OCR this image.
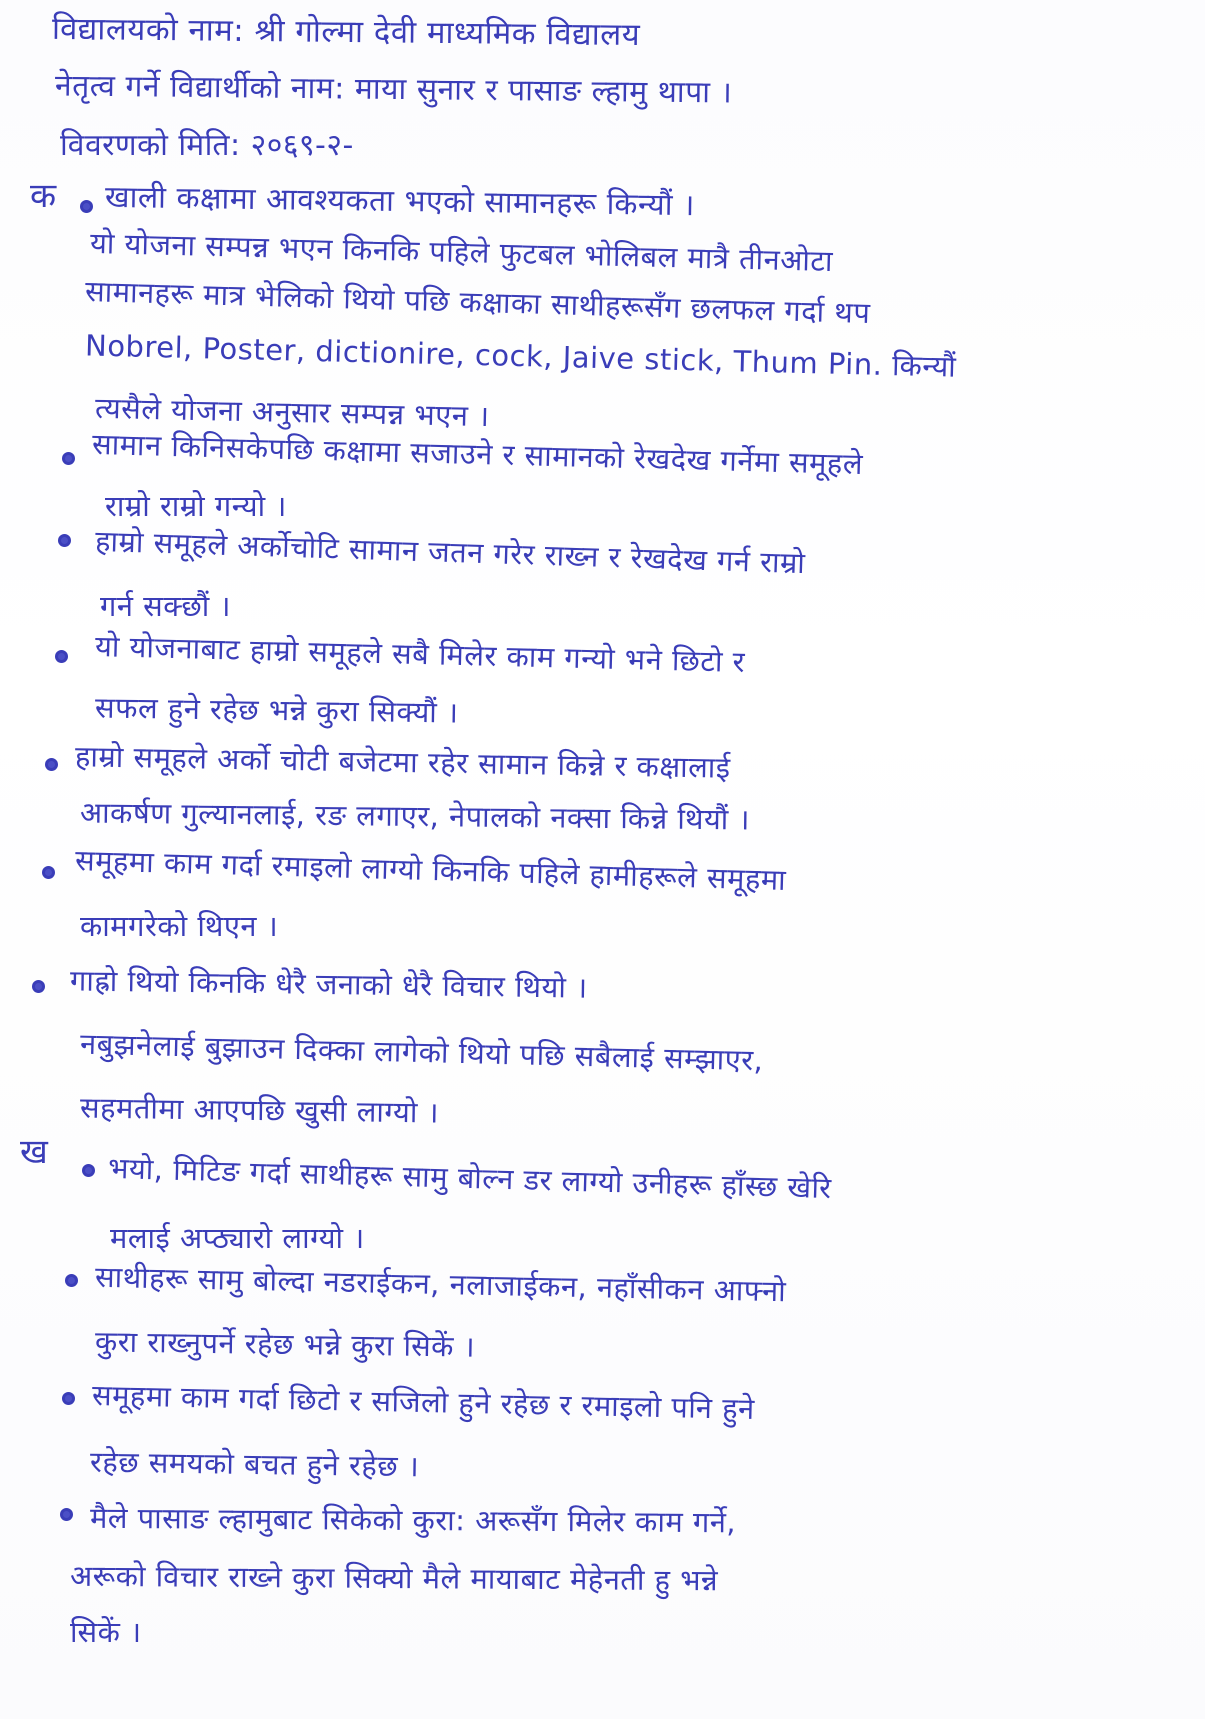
विद्यालयको नाम: श्री गोल्मा देवी माध्यमिक विद्यालय
नेतृत्व गर्ने विद्यार्थीको नाम: माया सुनार र पासाङ ल्हामु थापा ।
विवरणको मिति: २०६९-२-
क खाली कक्षामा आवश्यकता भएको सामानहरू किन्यौं ।
यो योजना सम्पन्न भएन किनकि पहिले फुटबल भोलिबल मात्रै तीनओटा
सामानहरू मात्र भेलिको थियो पछि कक्षाका साथीहरूसँग छलफल गर्दा थप
Nobrel, Poster, dictionire, cock, Jaive stick, Thum Pin. किन्यौं
त्यसैले योजना अनुसार सम्पन्न भएन ।
सामान किनिसकेपछि कक्षामा सजाउने र सामानको रेखदेख गर्नेमा समूहले
राम्रो राम्रो गन्यो ।
हाम्रो समूहले अर्कोचोटि सामान जतन गरेर राख्न र रेखदेख गर्न राम्रो
गर्न सक्छौं ।
यो योजनाबाट हाम्रो समूहले सबै मिलेर काम गन्यो भने छिटो र
सफल हुने रहेछ भन्ने कुरा सिक्यौं ।
हाम्रो समूहले अर्को चोटी बजेटमा रहेर सामान किन्ने र कक्षालाई
आकर्षण गुल्यानलाई, रङ लगाएर, नेपालको नक्सा किन्ने थियौं ।
समूहमा काम गर्दा रमाइलो लाग्यो किनकि पहिले हामीहरूले समूहमा
कामगरेको थिएन ।
गाह्रो थियो किनकि धेरै जनाको धेरै विचार थियो ।
नबुझनेलाई बुझाउन दिक्का लागेको थियो पछि सबैलाई सम्झाएर,
सहमतीमा आएपछि खुसी लाग्यो ।
ख भयो, मिटिङ गर्दा साथीहरू सामु बोल्न डर लाग्यो उनीहरू हाँस्छ खेरि
मलाई अप्ठ्यारो लाग्यो ।
साथीहरू सामु बोल्दा नडराईकन, नलाजाईकन, नहाँसीकन आफ्नो
कुरा राख्नुपर्ने रहेछ भन्ने कुरा सिकें ।
समूहमा काम गर्दा छिटो र सजिलो हुने रहेछ र रमाइलो पनि हुने
रहेछ समयको बचत हुने रहेछ ।
मैले पासाङ ल्हामुबाट सिकेको कुरा: अरूसँग मिलेर काम गर्ने,
अरूको विचार राख्ने कुरा सिक्यो मैले मायाबाट मेहेनती हु भन्ने
सिकें ।
